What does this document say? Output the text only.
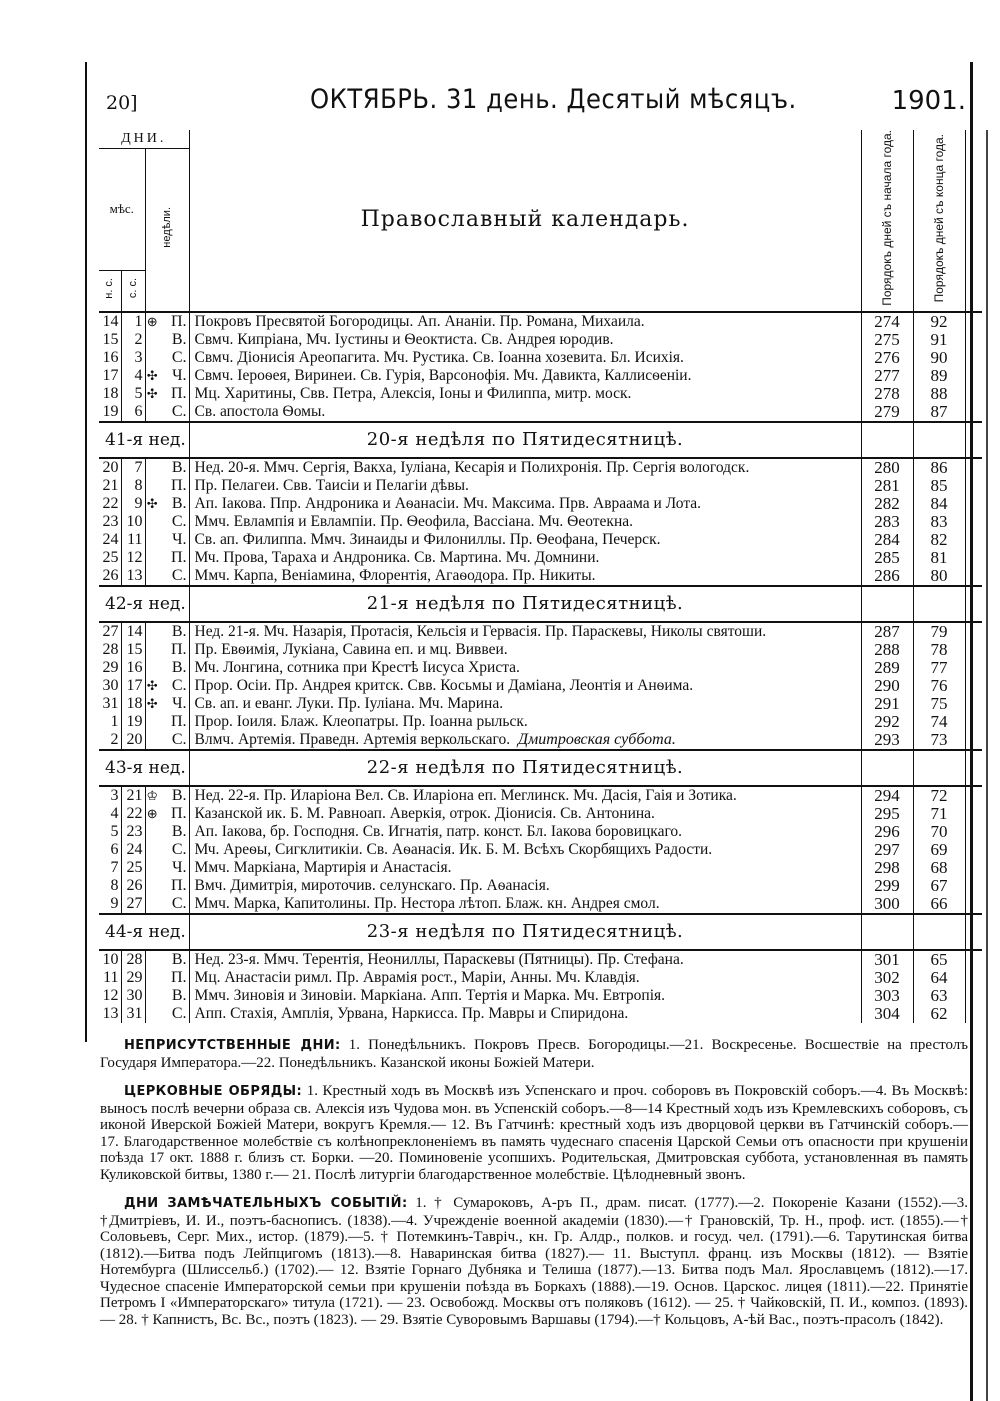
20]	ОКТЯБРЬ. 31 день. Десятый мѣсяцъ.	1901.
ДНИ.				Православный календарь.	Порядокъ днeй съ начала года.	Порядокъ днeй съ конца года.	
мѣс.		недѣли.					
н. с.	с. с.						
14	1	⊕	П.	Покровъ Пресвятой Богородицы. Ап. Ананіи. Пр. Романа, Михаила.	274	92	
15	2		В.	Свмч. Кипріана, Мч. Іустины и Ѳеоктиста. Св. Андрея юродив.	275	91	
16	3		С.	Свмч. Діонисія Ареопагита. Мч. Рустика. Св. Іоанна хозевита. Бл. Исихія.	276	90	
17	4	✣	Ч.	Свмч. Іероѳея, Виринеи. Св. Гурія, Варсонофія. Мч. Давикта, Каллисѳеніи.	277	89	
18	5	✣	П.	Мц. Харитины, Свв. Петра, Алексія, Іоны и Филиппа, митр. моск.	278	88	
19	6		С.	Св. апостола Ѳомы.	279	87	
41-я нед.				20-я недѣля по Пятидесятницѣ.			
20	7		В.	Нед. 20-я. Ммч. Сергія, Вакха, Іуліана, Кесарія и Полихронія. Пр. Сергія вологодск.	280	86	
21	8		П.	Пр. Пелагеи. Свв. Таисіи и Пелагіи дѣвы.	281	85	
22	9	✣	В.	Ап. Іакова. Ппр. Андроника и Аѳанасіи. Мч. Максима. Прв. Авраама и Лота.	282	84	
23	10		С.	Ммч. Евлампія и Евлампіи. Пр. Ѳеофила, Вассіана. Мч. Ѳеотекна.	283	83	
24	11		Ч.	Св. ап. Филиппа. Ммч. Зинаиды и Филониллы. Пр. Ѳеофана, Печерск.	284	82	
25	12		П.	Мч. Прова, Тараха и Андроника. Св. Мартина. Мч. Домнини.	285	81	
26	13		С.	Ммч. Карпа, Веніамина, Флорентія, Агаѳодора. Пр. Никиты.	286	80	
42-я нед.				21-я недѣля по Пятидесятницѣ.			
27	14		В.	Нед. 21-я. Мч. Назарія, Протасія, Кельсія и Гервасія. Пр. Параскевы, Николы святоши.	287	79	
28	15		П.	Пр. Евѳимія, Лукіана, Савина еп. и мц. Виввеи.	288	78	
29	16		В.	Мч. Лонгина, сотника при Крестѣ Іисуса Христа.	289	77	
30	17	✣	С.	Прор. Осіи. Пр. Андрея критск. Свв. Косьмы и Даміана, Леонтія и Анѳима.	290	76	
31	18	✣	Ч.	Св. ап. и еванг. Луки. Пр. Іуліана. Мч. Марина.	291	75	
1	19		П.	Прор. Іоиля. Блаж. Клеопатры. Пр. Іоанна рыльск.	292	74	
2	20		С.	Влмч. Артемія. Праведн. Артемія веркольскаго. Дмитровская суббота.	293	73	
43-я нед.				22-я недѣля по Пятидесятницѣ.			
3	21	♔	В.	Нед. 22-я. Пр. Иларіона Вел. Св. Иларіона еп. Меглинск. Мч. Дасія, Гаія и Зотика.	294	72	
4	22	⊕	П.	Казанской ик. Б. М. Равноап. Аверкія, отрок. Діонисія. Св. Антонина.	295	71	
5	23		В.	Ап. Іакова, бр. Господня. Св. Игнатія, патр. конст. Бл. Іакова боровицкаго.	296	70	
6	24		С.	Мч. Ареѳы, Сигклитикіи. Св. Аѳанасія. Ик. Б. М. Всѣхъ Скорбящихъ Радости.	297	69	
7	25		Ч.	Ммч. Маркіана, Мартирія и Анастасія.	298	68	
8	26		П.	Вмч. Димитрія, мироточив. селунскаго. Пр. Аѳанасія.	299	67	
9	27		С.	Ммч. Марка, Капитолины. Пр. Нестора лѣтоп. Блаж. кн. Андрея смол.	300	66	
44-я нед.				23-я недѣля по Пятидесятницѣ.			
10	28		В.	Нед. 23-я. Ммч. Терентія, Неониллы, Параскевы (Пятницы). Пр. Стефана.	301	65	
11	29		П.	Мц. Анастасіи римл. Пр. Аврамія рост., Маріи, Анны. Мч. Клавдія.	302	64	
12	30		В.	Ммч. Зиновія и Зиновіи. Маркіана. Апп. Тертія и Марка. Мч. Евтропія.	303	63	
13	31		С.	Апп. Стахія, Амплія, Урвана, Наркисса. Пр. Мавры и Спиридона.	304	62	
НЕПРИСУТСТВЕННЫЕ ДНИ: 1. Понедѣльникъ. Покровъ Пресв. Богородицы.—21. Воскресенье. Восшествіе на престолъ Государя Императора.—22. Понедѣльникъ. Казанской иконы Божіей Матери.
ЦЕРКОВНЫЕ ОБРЯДЫ: 1. Крестный ходъ въ Москвѣ изъ Успенскаго и проч. соборовъ въ Покровскій соборъ.—4. Въ Москвѣ: выносъ послѣ вечерни образа св. Алексія изъ Чудова мон. въ Успенскій соборъ.—8—14 Крестный ходъ изъ Кремлевскихъ соборовъ, съ иконой Иверской Божіей Матери, вокругъ Кремля.— 12. Въ Гатчинѣ: крестный ходъ изъ дворцовой церкви въ Гатчинскій соборъ.— 17. Благодарственное молебствіе съ колѣнопреклоненіемъ въ память чудеснаго спасенія Царской Семьи отъ опасности при крушеніи поѣзда 17 окт. 1888 г. близъ ст. Борки. —20. Поминовеніе усопшихъ. Родительская, Дмитровская суббота, установленная въ память Куликовской битвы, 1380 г.— 21. Послѣ литургіи благодарственное молебствіе. Цѣлодневный звонъ.
ДНИ ЗАМѢЧАТЕЛЬНЫХЪ СОБЫТІЙ: 1. † Сумароковъ, А-ръ П., драм. писат. (1777).—2. Покореніе Казани (1552).—3. †Дмитріевъ, И. И., поэтъ-баснописъ. (1838).—4. Учрежденіе военной академіи (1830).—† Грановскій, Тр. Н., проф. ист. (1855).—† Соловьевъ, Серг. Мих., истор. (1879).—5. † Потемкинъ-Тавріч., кн. Гр. Алдр., полков. и госуд. чел. (1791).—6. Тарутинская битва (1812).—Битва подъ Лейпцигомъ (1813).—8. Наваринская битва (1827).— 11. Выступл. франц. изъ Москвы (1812). — Взятіе Нотембурга (Шлиссельб.) (1702).— 12. Взятіе Горнаго Дубняка и Телиша (1877).—13. Битва подъ Мал. Ярославцемъ (1812).—17. Чудесное спасеніе Императорской семьи при крушеніи поѣзда въ Боркахъ (1888).—19. Основ. Царскос. лицея (1811).—22. Принятіе Петромъ I «Императорскаго» титула (1721). — 23. Освобожд. Москвы отъ поляковъ (1612). — 25. † Чайковскій, П. И., композ. (1893). — 28. † Капнистъ, Вс. Вс., поэтъ (1823). — 29. Взятіе Суворовымъ Варшавы (1794).—† Кольцовъ, А-ѣй Вас., поэтъ-прасолъ (1842).
